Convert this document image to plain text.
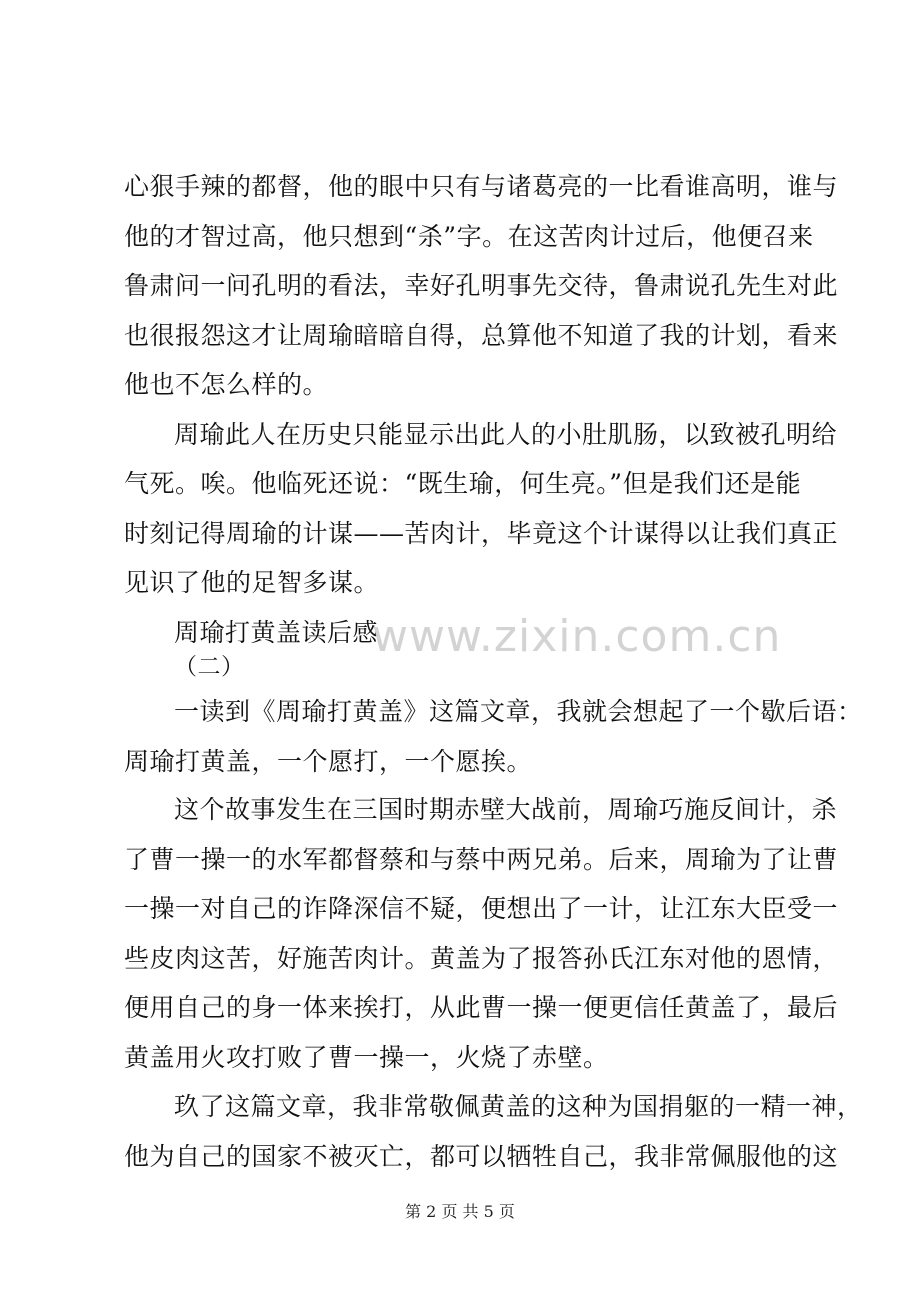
心狠手辣的都督，他的眼中只有与诸葛亮的一比看谁高明，谁与
他的才智过高，他只想到“杀”字。在这苦肉计过后，他便召来
鲁肃问一问孔明的看法，幸好孔明事先交待，鲁肃说孔先生对此
也很报怨这才让周瑜暗暗自得，总算他不知道了我的计划，看来
他也不怎么样的。
周瑜此人在历史只能显示出此人的小肚肌肠，以致被孔明给
气死。唉。他临死还说：“既生瑜，何生亮。”但是我们还是能
时刻记得周瑜的计谋——苦肉计，毕竟这个计谋得以让我们真正
见识了他的足智多谋。
周瑜打黄盖读后感
（二）
一读到《周瑜打黄盖》这篇文章，我就会想起了一个歇后语：
周瑜打黄盖，一个愿打，一个愿挨。
这个故事发生在三国时期赤壁大战前，周瑜巧施反间计，杀
了曹一操一的水军都督蔡和与蔡中两兄弟。后来，周瑜为了让曹
一操一对自己的诈降深信不疑，便想出了一计，让江东大臣受一
些皮肉这苦，好施苦肉计。黄盖为了报答孙氏江东对他的恩情，
便用自己的身一体来挨打，从此曹一操一便更信任黄盖了，最后
黄盖用火攻打败了曹一操一，火烧了赤壁。
玖了这篇文章，我非常敬佩黄盖的这种为国捐躯的一精一神，
他为自己的国家不被灭亡，都可以牺牲自己，我非常佩服他的这
www.zixin.com.cn
第 2 页 共 5 页
